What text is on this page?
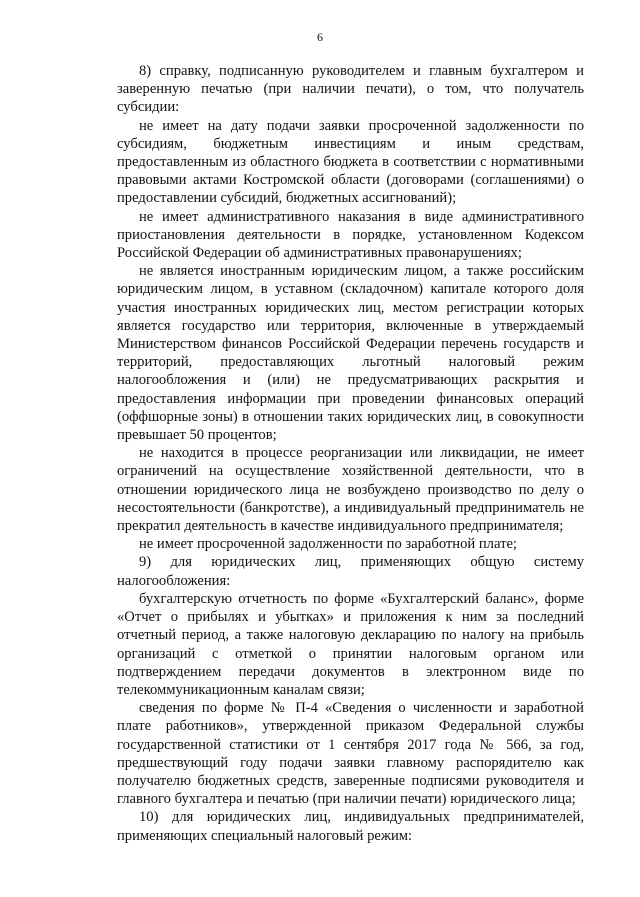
6

8) справку, подписанную руководителем и главным бухгалтером и заверенную печатью (при наличии печати), о том, что получатель субсидии:

не имеет на дату подачи заявки просроченной задолженности по субсидиям, бюджетным инвестициям и иным средствам, предоставленным из областного бюджета в соответствии с нормативными правовыми актами Костромской области (договорами (соглашениями) о предоставлении субсидий, бюджетных ассигнований);

не имеет административного наказания в виде административного приостановления деятельности в порядке, установленном Кодексом Российской Федерации об административных правонарушениях;

не является иностранным юридическим лицом, а также российским юридическим лицом, в уставном (складочном) капитале которого доля участия иностранных юридических лиц, местом регистрации которых является государство или территория, включенные в утверждаемый Министерством финансов Российской Федерации перечень государств и территорий, предоставляющих льготный налоговый режим налогообложения и (или) не предусматривающих раскрытия и предоставления информации при проведении финансовых операций (оффшорные зоны) в отношении таких юридических лиц, в совокупности превышает 50 процентов;

не находится в процессе реорганизации или ликвидации, не имеет ограничений на осуществление хозяйственной деятельности, что в отношении юридического лица не возбуждено производство по делу о несостоятельности (банкротстве), а индивидуальный предприниматель не прекратил деятельность в качестве индивидуального предпринимателя;

не имеет просроченной задолженности по заработной плате;

9) для юридических лиц, применяющих общую систему налогообложения:

бухгалтерскую отчетность по форме «Бухгалтерский баланс», форме «Отчет о прибылях и убытках» и приложения к ним за последний отчетный период, а также налоговую декларацию по налогу на прибыль организаций с отметкой о принятии налоговым органом или подтверждением передачи документов в электронном виде по телекоммуникационным каналам связи;

сведения по форме № П-4 «Сведения о численности и заработной плате работников», утвержденной приказом Федеральной службы государственной статистики от 1 сентября 2017 года № 566, за год, предшествующий году подачи заявки главному распорядителю как получателю бюджетных средств, заверенные подписями руководителя и главного бухгалтера и печатью (при наличии печати) юридического лица;

10) для юридических лиц, индивидуальных предпринимателей, применяющих специальный налоговый режим:
